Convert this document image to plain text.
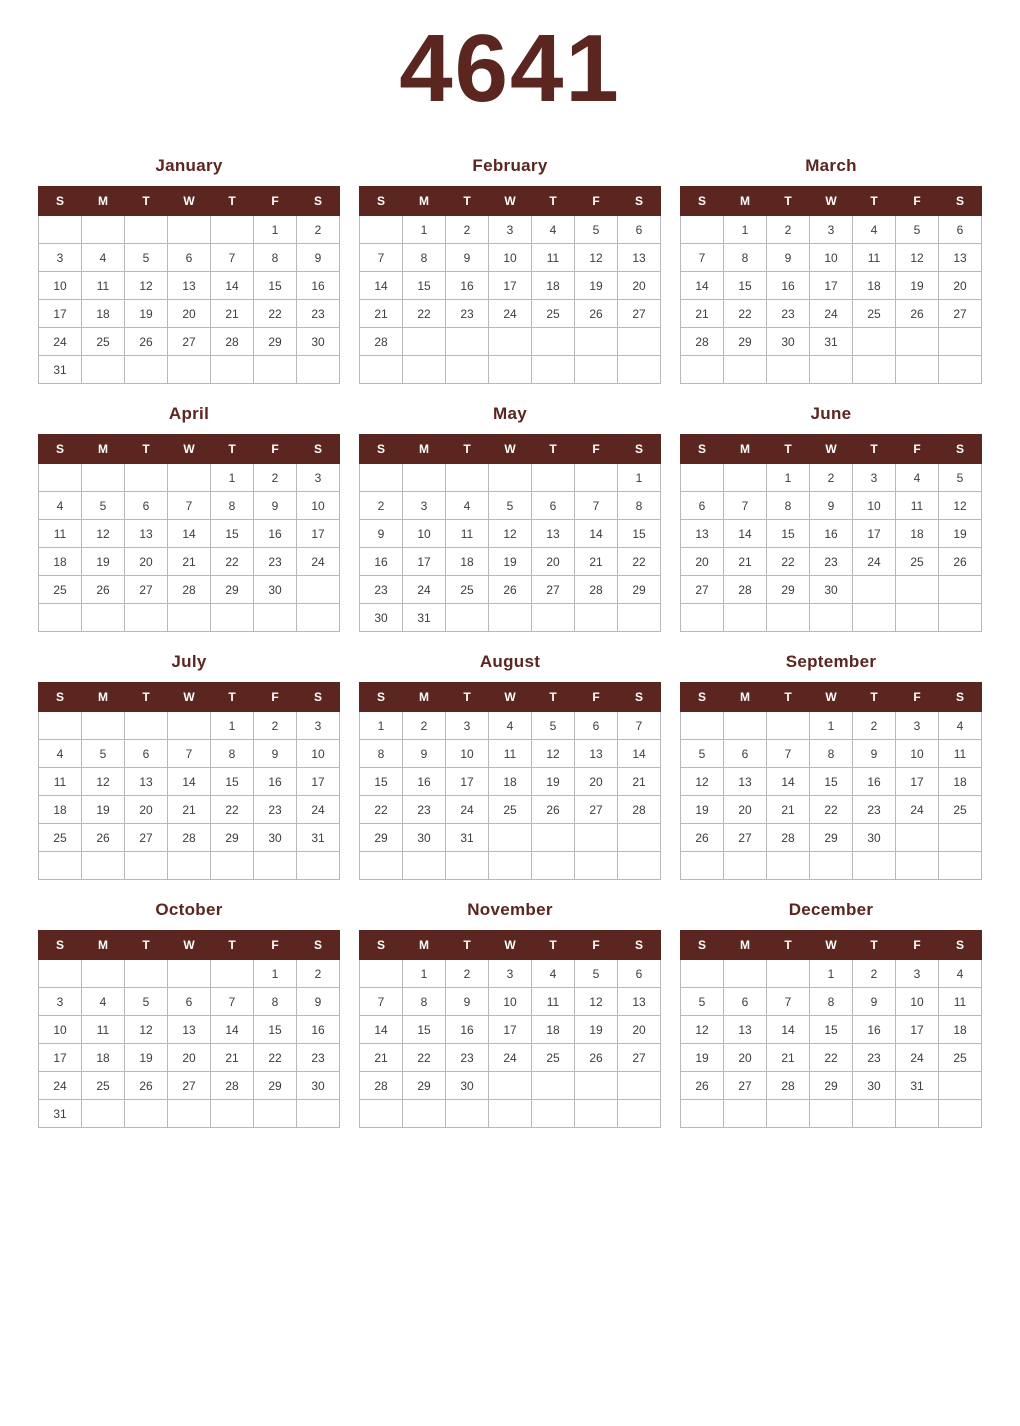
4641
January
S	M	T	W	T	F	S
					1	2
3	4	5	6	7	8	9
10	11	12	13	14	15	16
17	18	19	20	21	22	23
24	25	26	27	28	29	30
31						
February
S	M	T	W	T	F	S
	1	2	3	4	5	6
7	8	9	10	11	12	13
14	15	16	17	18	19	20
21	22	23	24	25	26	27
28						

March
S	M	T	W	T	F	S
	1	2	3	4	5	6
7	8	9	10	11	12	13
14	15	16	17	18	19	20
21	22	23	24	25	26	27
28	29	30	31			

April
S	M	T	W	T	F	S
				1	2	3
4	5	6	7	8	9	10
11	12	13	14	15	16	17
18	19	20	21	22	23	24
25	26	27	28	29	30	

May
S	M	T	W	T	F	S
						1
2	3	4	5	6	7	8
9	10	11	12	13	14	15
16	17	18	19	20	21	22
23	24	25	26	27	28	29
30	31					
June
S	M	T	W	T	F	S
		1	2	3	4	5
6	7	8	9	10	11	12
13	14	15	16	17	18	19
20	21	22	23	24	25	26
27	28	29	30			

July
S	M	T	W	T	F	S
				1	2	3
4	5	6	7	8	9	10
11	12	13	14	15	16	17
18	19	20	21	22	23	24
25	26	27	28	29	30	31

August
S	M	T	W	T	F	S
1	2	3	4	5	6	7
8	9	10	11	12	13	14
15	16	17	18	19	20	21
22	23	24	25	26	27	28
29	30	31				

September
S	M	T	W	T	F	S
			1	2	3	4
5	6	7	8	9	10	11
12	13	14	15	16	17	18
19	20	21	22	23	24	25
26	27	28	29	30		

October
S	M	T	W	T	F	S
					1	2
3	4	5	6	7	8	9
10	11	12	13	14	15	16
17	18	19	20	21	22	23
24	25	26	27	28	29	30
31						
November
S	M	T	W	T	F	S
	1	2	3	4	5	6
7	8	9	10	11	12	13
14	15	16	17	18	19	20
21	22	23	24	25	26	27
28	29	30				

December
S	M	T	W	T	F	S
			1	2	3	4
5	6	7	8	9	10	11
12	13	14	15	16	17	18
19	20	21	22	23	24	25
26	27	28	29	30	31	
